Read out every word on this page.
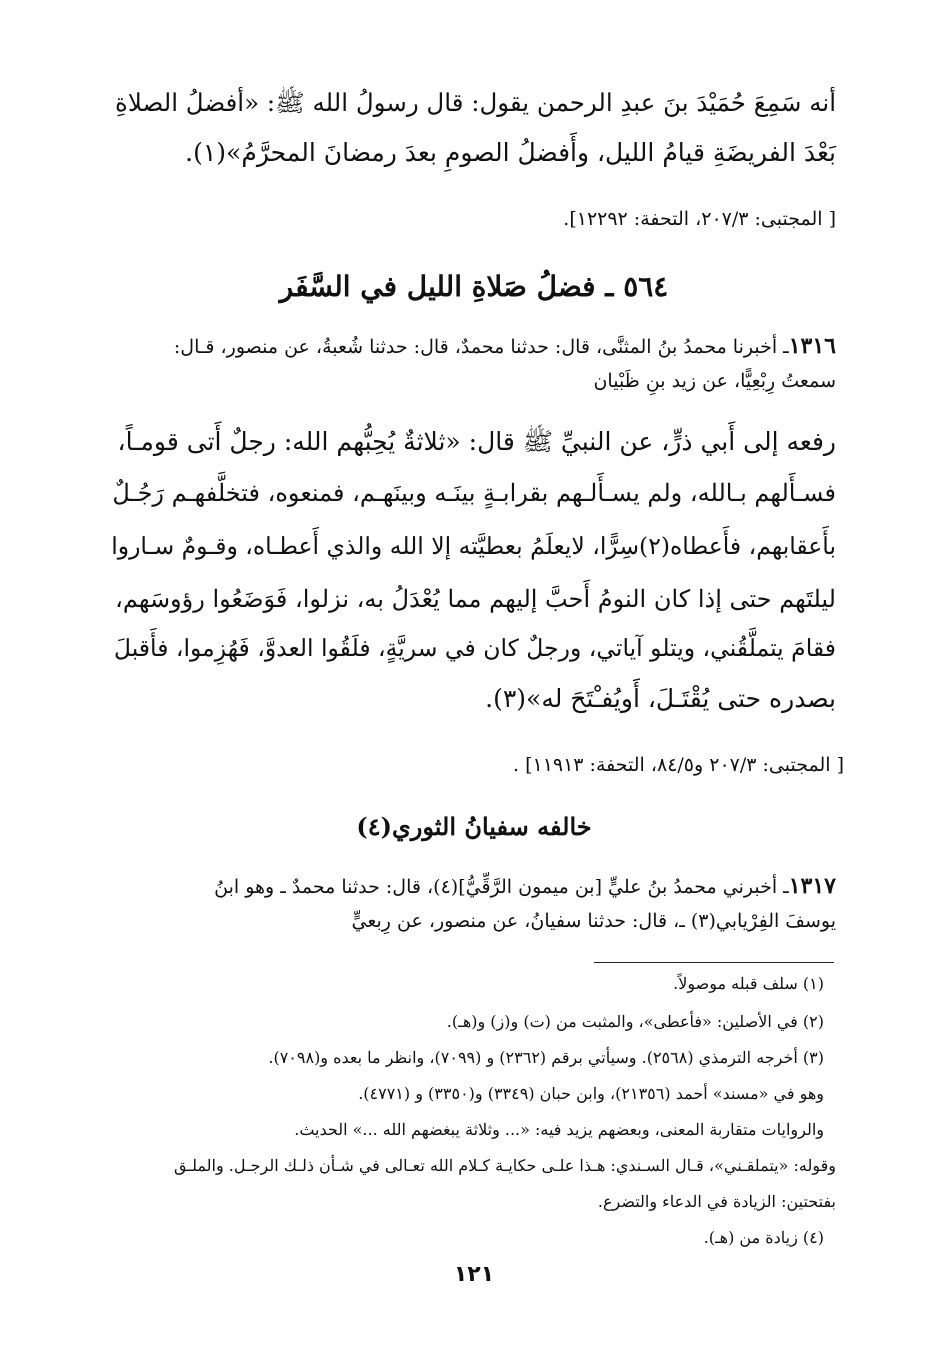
أنه سَمِعَ حُمَيْدَ بنَ عبدِ الرحمن يقول: قال رسولُ الله ﷺ: «أفضلُ الصلاةِ
بَعْدَ الفريضَةِ قيامُ الليل، وأَفضلُ الصومِ بعدَ رمضانَ المحرَّمُ»(١).
[ المجتبى: ٢٠٧/٣، التحفة: ١٢٢٩٢].
٥٦٤ ـ فضلُ صَلاةِ الليل في السَّفَر
١٣١٦ـ أخبرنا محمدُ بنُ المثنَّى، قال: حدثنا محمدٌ، قال: حدثنا شُعبةُ، عن منصور، قـال:
سمعتُ رِبْعِيًّا، عن زيد بنِ ظَبْيان
رفعه إلى أَبي ذرٍّ، عن النبيِّ ﷺ قال: «ثلاثةٌ يُحِبُّهم الله: رجلٌ أَتى قومـاً،
فسـأَلهم بـالله، ولم يسـأَلـهم بقرابـةٍ بينَـه وبينَهـم، فمنعوه، فتخلَّفهـم رَجُـلٌ
بأَعقابهم، فأَعطاه(٢)سِرًّا، لايعلَمُ بعطيَّته إلا الله والذي أَعطـاه، وقـومٌ سـاروا
ليلتَهم حتى إذا كان النومُ أَحبَّ إليهم مما يُعْدَلُ به، نزلوا، فَوَضَعُوا رؤوسَهم،
فقامَ يتملَّقُني، ويتلو آياتي، ورجلٌ كان في سريَّةٍ، فلَقُوا العدوَّ، فَهُزِموا، فأَقبلَ
بصدره حتى يُقْتَـلَ، أَويُفـْتَحَ له»(٣).
[ المجتبى: ٢٠٧/٣ و٨٤/٥، التحفة: ١١٩١٣] .
خالفه سفيانُ الثوري(٤)
١٣١٧ـ أخبرني محمدُ بنُ عليٍّ [بن ميمون الرَّقِّيُّ](٤)، قال: حدثنا محمدٌ ـ وهو ابنُ
يوسفَ الفِرْيابي(٣) ـ، قال: حدثنا سفيانُ، عن منصور، عن رِبعيٍّ
(١) سلف قبله موصولاً.
(٢) في الأصلين: «فأعطى»، والمثبت من (ت) و(ز) و(هـ).
(٣) أخرجه الترمذي (٢٥٦٨). وسيأتي برقم (٢٣٦٢) و (٧٠٩٩)، وانظر ما بعده و(٧٠٩٨).
وهو في «مسند» أحمد (٢١٣٥٦)، وابن حبان (٣٣٤٩) و(٣٣٥٠) و (٤٧٧١).
والروايات متقاربة المعنى، وبعضهم يزيد فيه: «... وثلاثة يبغضهم الله ...» الحديث.
وقوله: «يتملقـني»، قـال السـندي: هـذا علـى حكايـة كـلام الله تعـالى في شـأن ذلـك الرجـل. والملـق
بفتحتين: الزيادة في الدعاء والتضرع.
(٤) زيادة من (هـ).
١٢١
